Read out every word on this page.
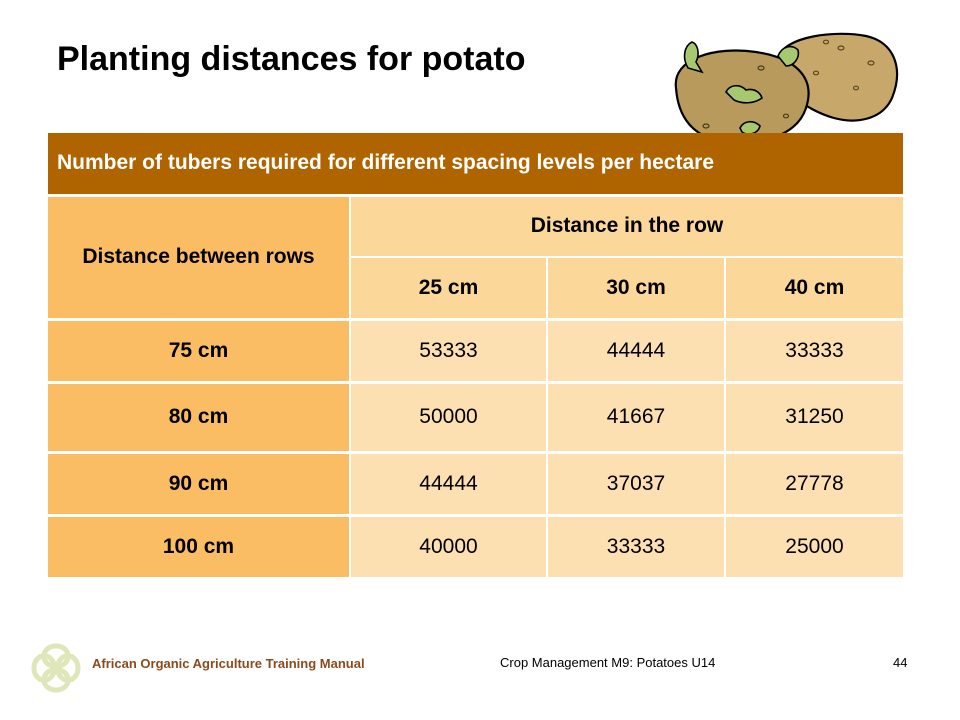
Planting distances for potato
Number of tubers required for different spacing levels per hectare			
Distance between rows	Distance in the row		
	25 cm	30 cm	40 cm
75 cm	53333	44444	33333
80 cm	50000	41667	31250
90 cm	44444	37037	27778
100 cm	40000	33333	25000
African Organic Agriculture Training Manual	Crop Management M9: Potatoes U14	44
